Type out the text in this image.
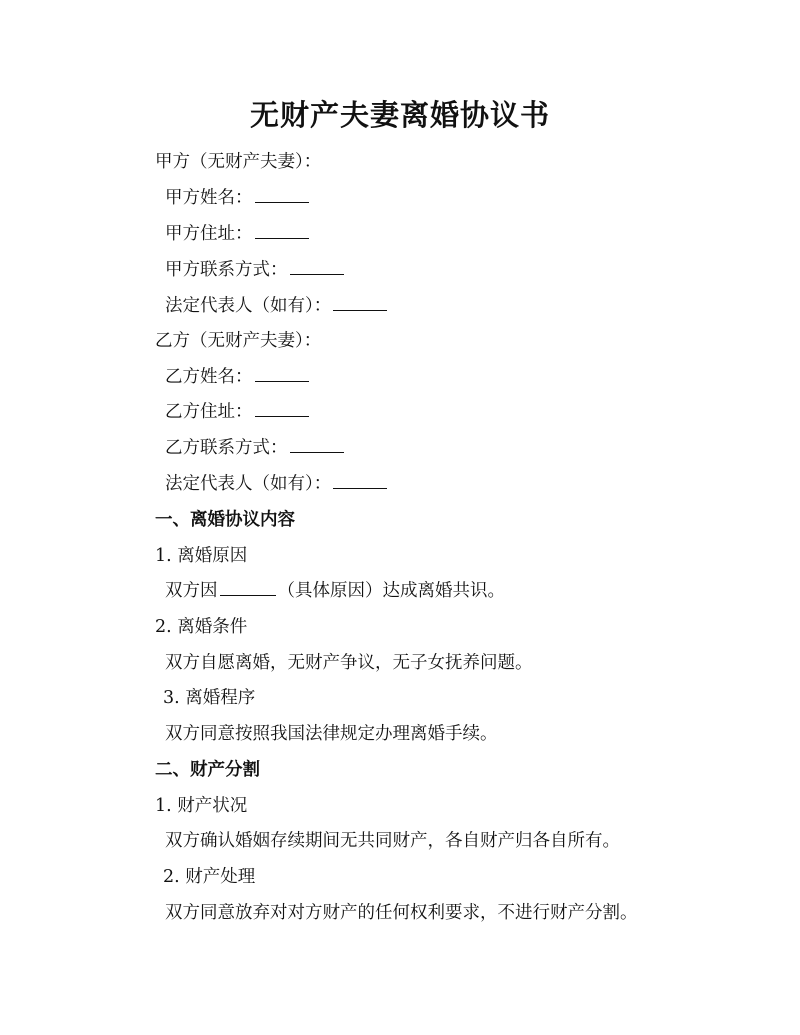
无财产夫妻离婚协议书
甲方（无财产夫妻）：
甲方姓名：
甲方住址：
甲方联系方式：
法定代表人（如有）：
乙方（无财产夫妻）：
乙方姓名：
乙方住址：
乙方联系方式：
法定代表人（如有）：
一、离婚协议内容
1. 离婚原因
双方因	（具体原因）达成离婚共识。
2. 离婚条件
双方自愿离婚，无财产争议，无子女抚养问题。
3. 离婚程序
双方同意按照我国法律规定办理离婚手续。
二、财产分割
1. 财产状况
双方确认婚姻存续期间无共同财产，各自财产归各自所有。
2. 财产处理
双方同意放弃对对方财产的任何权利要求，不进行财产分割。
